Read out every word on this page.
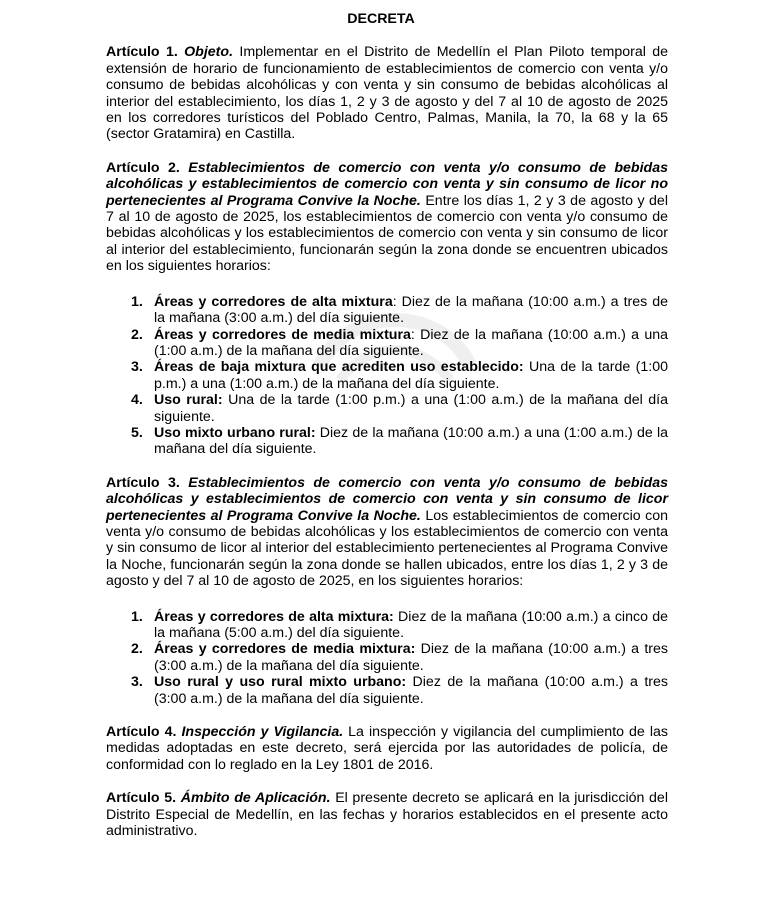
DECRETA

Artículo 1. Objeto. Implementar en el Distrito de Medellín el Plan Piloto temporal de extensión de horario de funcionamiento de establecimientos de comercio con venta y/o consumo de bebidas alcohólicas y con venta y sin consumo de bebidas alcohólicas al interior del establecimiento, los días 1, 2 y 3 de agosto y del 7 al 10 de agosto de 2025 en los corredores turísticos del Poblado Centro, Palmas, Manila, la 70, la 68 y la 65 (sector Gratamira) en Castilla.

Artículo 2. Establecimientos de comercio con venta y/o consumo de bebidas alcohólicas y establecimientos de comercio con venta y sin consumo de licor no pertenecientes al Programa Convive la Noche. Entre los días 1, 2 y 3 de agosto y del 7 al 10 de agosto de 2025, los establecimientos de comercio con venta y/o consumo de bebidas alcohólicas y los establecimientos de comercio con venta y sin consumo de licor al interior del establecimiento, funcionarán según la zona donde se encuentren ubicados en los siguientes horarios:

1. Áreas y corredores de alta mixtura: Diez de la mañana (10:00 a.m.) a tres de la mañana (3:00 a.m.) del día siguiente.
2. Áreas y corredores de media mixtura: Diez de la mañana (10:00 a.m.) a una (1:00 a.m.) de la mañana del día siguiente.
3. Áreas de baja mixtura que acrediten uso establecido: Una de la tarde (1:00 p.m.) a una (1:00 a.m.) de la mañana del día siguiente.
4. Uso rural: Una de la tarde (1:00 p.m.) a una (1:00 a.m.) de la mañana del día siguiente.
5. Uso mixto urbano rural: Diez de la mañana (10:00 a.m.) a una (1:00 a.m.) de la mañana del día siguiente.

Artículo 3. Establecimientos de comercio con venta y/o consumo de bebidas alcohólicas y establecimientos de comercio con venta y sin consumo de licor pertenecientes al Programa Convive la Noche. Los establecimientos de comercio con venta y/o consumo de bebidas alcohólicas y los establecimientos de comercio con venta y sin consumo de licor al interior del establecimiento pertenecientes al Programa Convive la Noche, funcionarán según la zona donde se hallen ubicados, entre los días 1, 2 y 3 de agosto y del 7 al 10 de agosto de 2025, en los siguientes horarios:

1. Áreas y corredores de alta mixtura: Diez de la mañana (10:00 a.m.) a cinco de la mañana (5:00 a.m.) del día siguiente.
2. Áreas y corredores de media mixtura: Diez de la mañana (10:00 a.m.) a tres (3:00 a.m.) de la mañana del día siguiente.
3. Uso rural y uso rural mixto urbano: Diez de la mañana (10:00 a.m.) a tres (3:00 a.m.) de la mañana del día siguiente.

Artículo 4. Inspección y Vigilancia. La inspección y vigilancia del cumplimiento de las medidas adoptadas en este decreto, será ejercida por las autoridades de policía, de conformidad con lo reglado en la Ley 1801 de 2016.

Artículo 5. Ámbito de Aplicación. El presente decreto se aplicará en la jurisdicción del Distrito Especial de Medellín, en las fechas y horarios establecidos en el presente acto administrativo.
